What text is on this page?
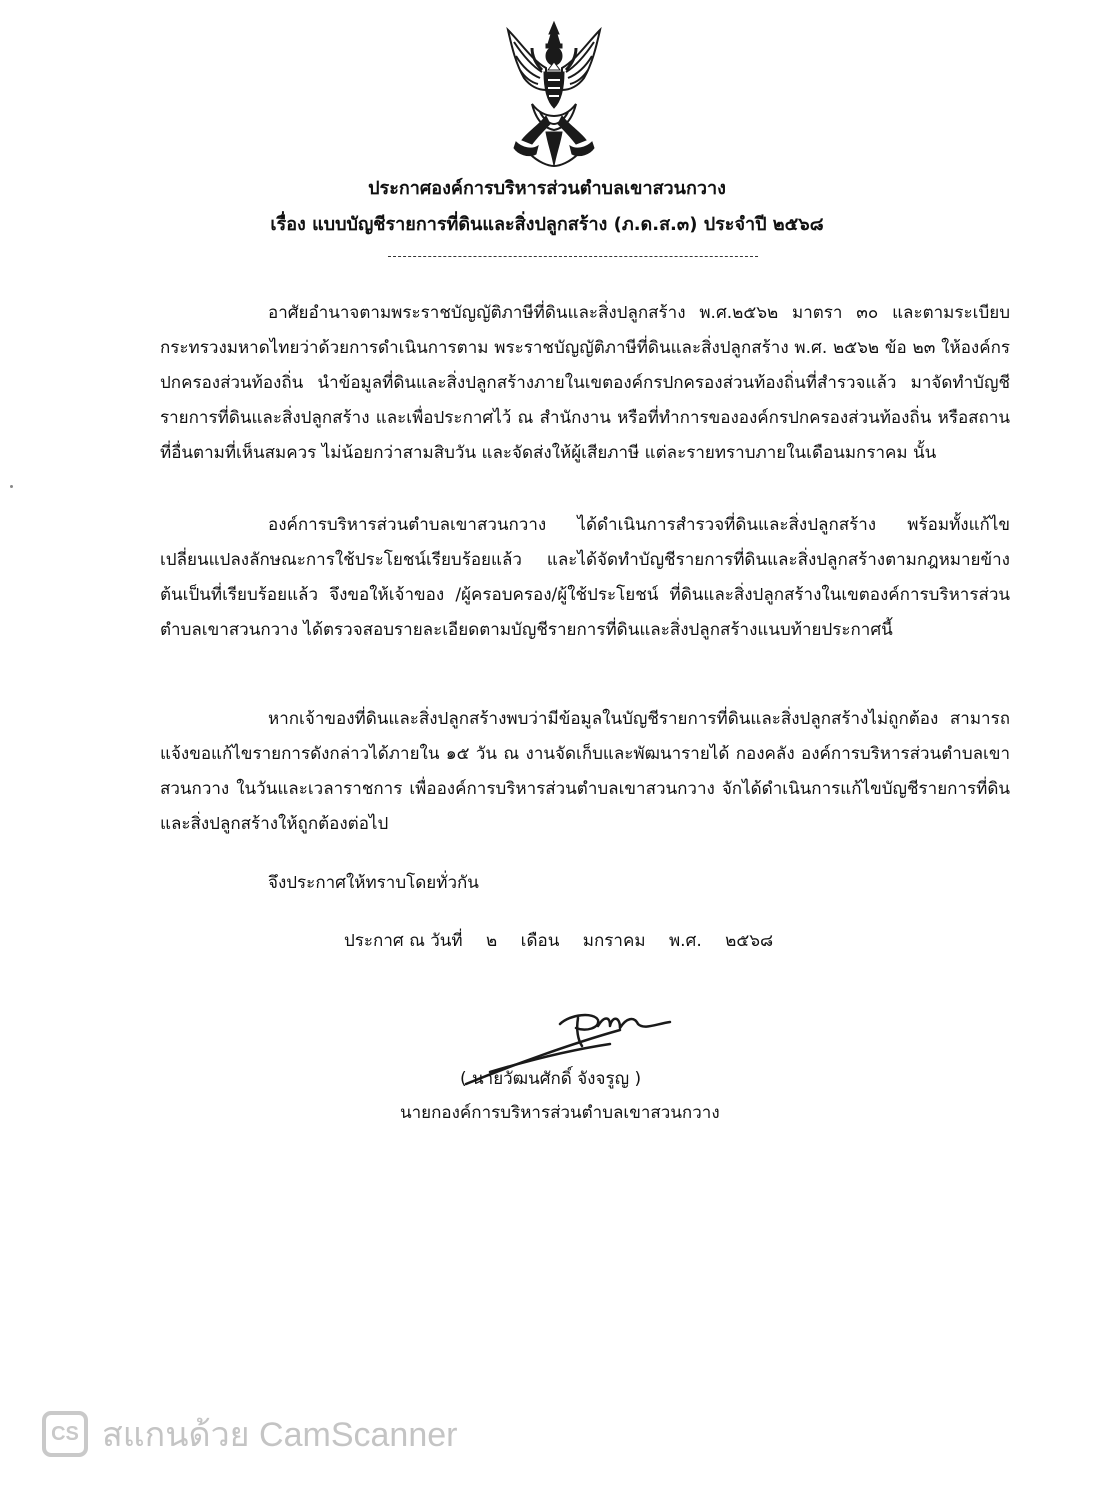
ประกาศองค์การบริหารส่วนตำบลเขาสวนกวาง
เรื่อง แบบบัญชีรายการที่ดินและสิ่งปลูกสร้าง (ภ.ด.ส.๓) ประจำปี ๒๕๖๘
อาศัยอำนาจตามพระราชบัญญัติภาษีที่ดินและสิ่งปลูกสร้าง พ.ศ.๒๕๖๒ มาตรา ๓๐ และตามระเบียบกระทรวงมหาดไทยว่าด้วยการดำเนินการตาม พระราชบัญญัติภาษีที่ดินและสิ่งปลูกสร้าง พ.ศ. ๒๕๖๒ ข้อ ๒๓ ให้องค์กรปกครองส่วนท้องถิ่น นำข้อมูลที่ดินและสิ่งปลูกสร้างภายในเขตองค์กรปกครองส่วนท้องถิ่นที่สำรวจแล้ว มาจัดทำบัญชีรายการที่ดินและสิ่งปลูกสร้าง และเพื่อประกาศไว้ ณ สำนักงาน หรือที่ทำการขององค์กรปกครองส่วนท้องถิ่น หรือสถานที่อื่นตามที่เห็นสมควร ไม่น้อยกว่าสามสิบวัน และจัดส่งให้ผู้เสียภาษี แต่ละรายทราบภายในเดือนมกราคม นั้น
องค์การบริหารส่วนตำบลเขาสวนกวาง ได้ดำเนินการสำรวจที่ดินและสิ่งปลูกสร้าง พร้อมทั้งแก้ไขเปลี่ยนแปลงลักษณะการใช้ประโยชน์เรียบร้อยแล้ว และได้จัดทำบัญชีรายการที่ดินและสิ่งปลูกสร้างตามกฎหมายข้างต้นเป็นที่เรียบร้อยแล้ว จึงขอให้เจ้าของ /ผู้ครอบครอง/ผู้ใช้ประโยชน์ ที่ดินและสิ่งปลูกสร้างในเขตองค์การบริหารส่วนตำบลเขาสวนกวาง ได้ตรวจสอบรายละเอียดตามบัญชีรายการที่ดินและสิ่งปลูกสร้างแนบท้ายประกาศนี้
หากเจ้าของที่ดินและสิ่งปลูกสร้างพบว่ามีข้อมูลในบัญชีรายการที่ดินและสิ่งปลูกสร้างไม่ถูกต้อง สามารถแจ้งขอแก้ไขรายการดังกล่าวได้ภายใน ๑๕ วัน ณ งานจัดเก็บและพัฒนารายได้ กองคลัง องค์การบริหารส่วนตำบลเขาสวนกวาง ในวันและเวลาราชการ เพื่อองค์การบริหารส่วนตำบลเขาสวนกวาง จักได้ดำเนินการแก้ไขบัญชีรายการที่ดินและสิ่งปลูกสร้างให้ถูกต้องต่อไป
จึงประกาศให้ทราบโดยทั่วกัน
ประกาศ ณ วันที่ ๒ เดือน มกราคม พ.ศ. ๒๕๖๘
( นายวัฒนศักดิ์ จังจรูญ )
นายกองค์การบริหารส่วนตำบลเขาสวนกวาง
CS สแกนด้วย CamScanner
